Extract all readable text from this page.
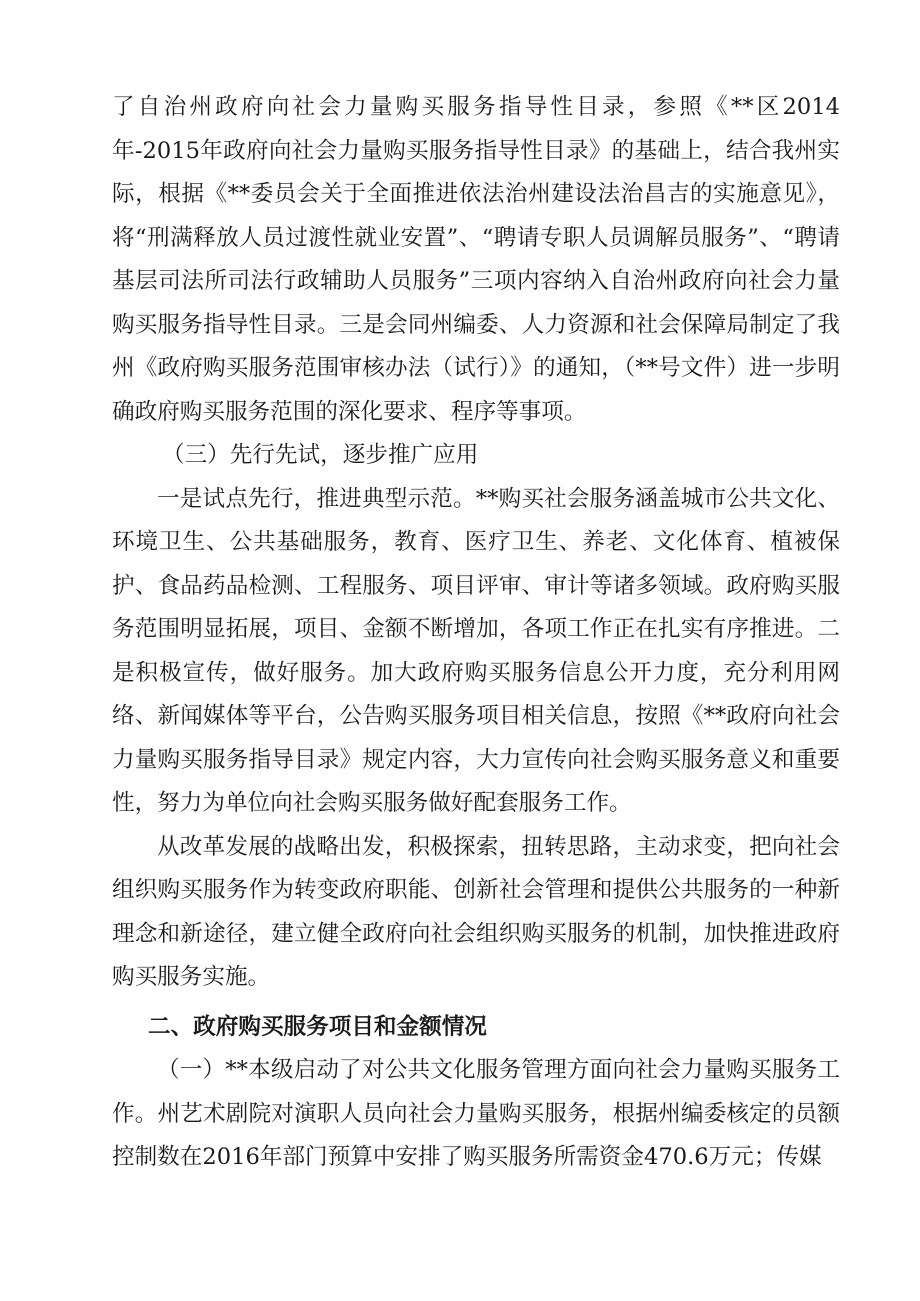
了自治州政府向社会力量购买服务指导性目录，参照《**区2014年-2015年政府向社会力量购买服务指导性目录》的基础上，结合我州实际，根据《**委员会关于全面推进依法治州建设法治昌吉的实施意见》，将“刑满释放人员过渡性就业安置”、“聘请专职人员调解员服务”、“聘请基层司法所司法行政辅助人员服务”三项内容纳入自治州政府向社会力量购买服务指导性目录。三是会同州编委、人力资源和社会保障局制定了我州《政府购买服务范围审核办法（试行）》的通知，（**号文件）进一步明确政府购买服务范围的深化要求、程序等事项。

（三）先行先试，逐步推广应用

一是试点先行，推进典型示范。**购买社会服务涵盖城市公共文化、环境卫生、公共基础服务，教育、医疗卫生、养老、文化体育、植被保护、食品药品检测、工程服务、项目评审、审计等诸多领域。政府购买服务范围明显拓展，项目、金额不断增加，各项工作正在扎实有序推进。二是积极宣传，做好服务。加大政府购买服务信息公开力度，充分利用网络、新闻媒体等平台，公告购买服务项目相关信息，按照《**政府向社会力量购买服务指导目录》规定内容，大力宣传向社会购买服务意义和重要性，努力为单位向社会购买服务做好配套服务工作。

从改革发展的战略出发，积极探索，扭转思路，主动求变，把向社会组织购买服务作为转变政府职能、创新社会管理和提供公共服务的一种新理念和新途径，建立健全政府向社会组织购买服务的机制，加快推进政府购买服务实施。

二、政府购买服务项目和金额情况

（一）**本级启动了对公共文化服务管理方面向社会力量购买服务工作。州艺术剧院对演职人员向社会力量购买服务，根据州编委核定的员额控制数在2016年部门预算中安排了购买服务所需资金470.6万元；传媒
